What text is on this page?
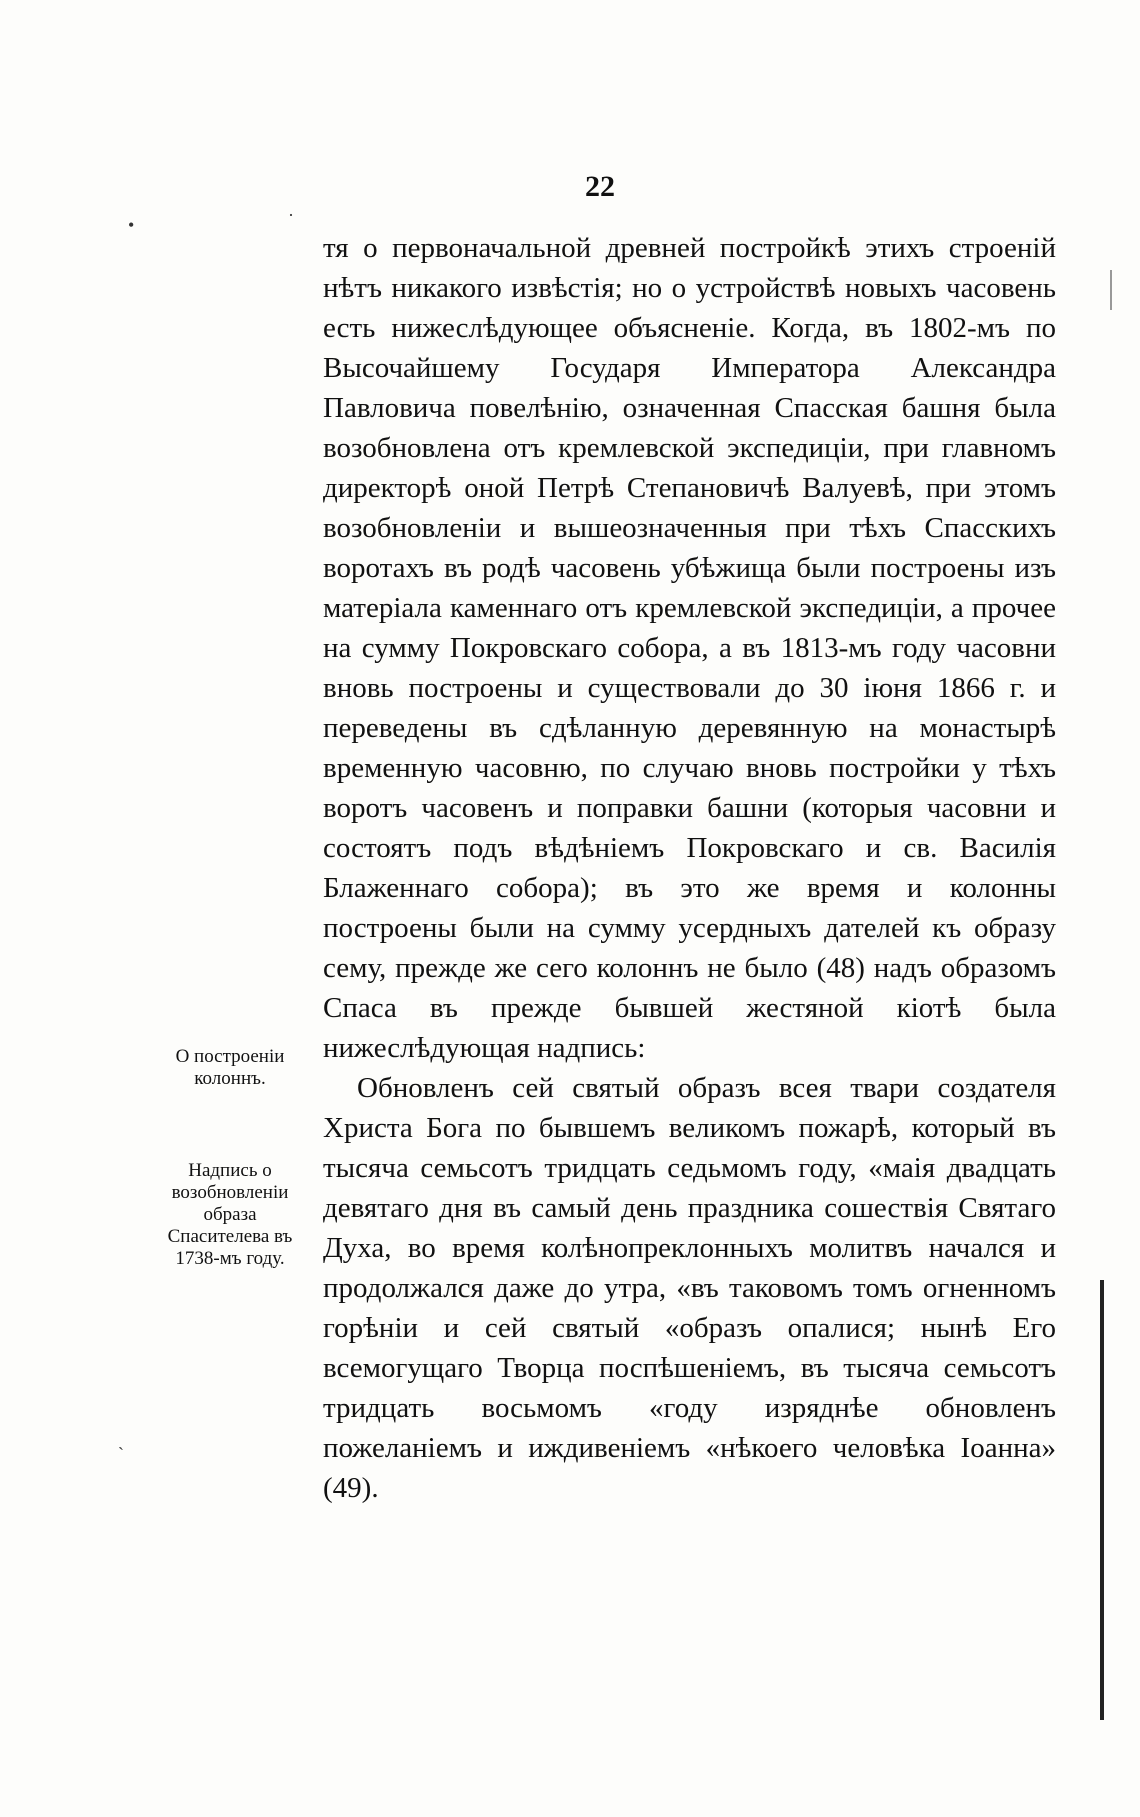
22

тя о первоначальной древней постройкѣ этихъ строеній нѣтъ никакого извѣстія; но о устройствѣ новыхъ часовень есть нижеслѣдующее объясненіе. Когда, въ 1802-мъ по Высочайшему Государя Императора Александра Павловича повелѣнію, означенная Спасская башня была возобновлена отъ кремлевской экспедиціи, при главномъ директорѣ оной Петрѣ Степановичѣ Валуевѣ, при этомъ возобновленіи и вышеозначенныя при тѣхъ Спасскихъ воротахъ въ родѣ часовень убѣжища были построены изъ матеріала каменнаго отъ кремлевской экспедиціи, а прочее на сумму Покровскаго собора, а въ 1813-мъ году часовни вновь построены и существовали до 30 іюня 1866 г. и переведены въ сдѣланную деревянную на монастырѣ временную часовню, по случаю вновь постройки у тѣхъ воротъ часовенъ и поправки башни (которыя часовни и состоятъ подъ вѣдѣніемъ Покровскаго и св. Василія Блаженнаго собора); въ это же время и колонны построены были на сумму усердныхъ дателей къ образу сему, прежде же сего колоннъ не было (48) надъ образомъ Спаса въ прежде бывшей жестяной кіотѣ была нижеслѣдующая надпись:

Обновленъ сей святый образъ всея твари создателя Христа Бога по бывшемъ великомъ пожарѣ, который въ тысяча семьсотъ тридцать седьмомъ году, «маія двадцать девятаго дня въ самый день праздника сошествія Святаго Духа, во время колѣнопреклонныхъ молитвъ начался и продолжался даже до утра, «въ таковомъ томъ огненномъ горѣніи и сей святый «образъ опалися; нынѣ Его всемогущаго Творца поспѣшеніемъ, въ тысяча семьсотъ тридцать восьмомъ «году изряднѣе обновленъ пожеланіемъ и иждивеніемъ «нѣкоего человѣка Іоанна» (49).

О построеніи колоннъ.
Надпись о возобновленіи образа Спасителева въ 1738-мъ году.
•	·
ˏ
